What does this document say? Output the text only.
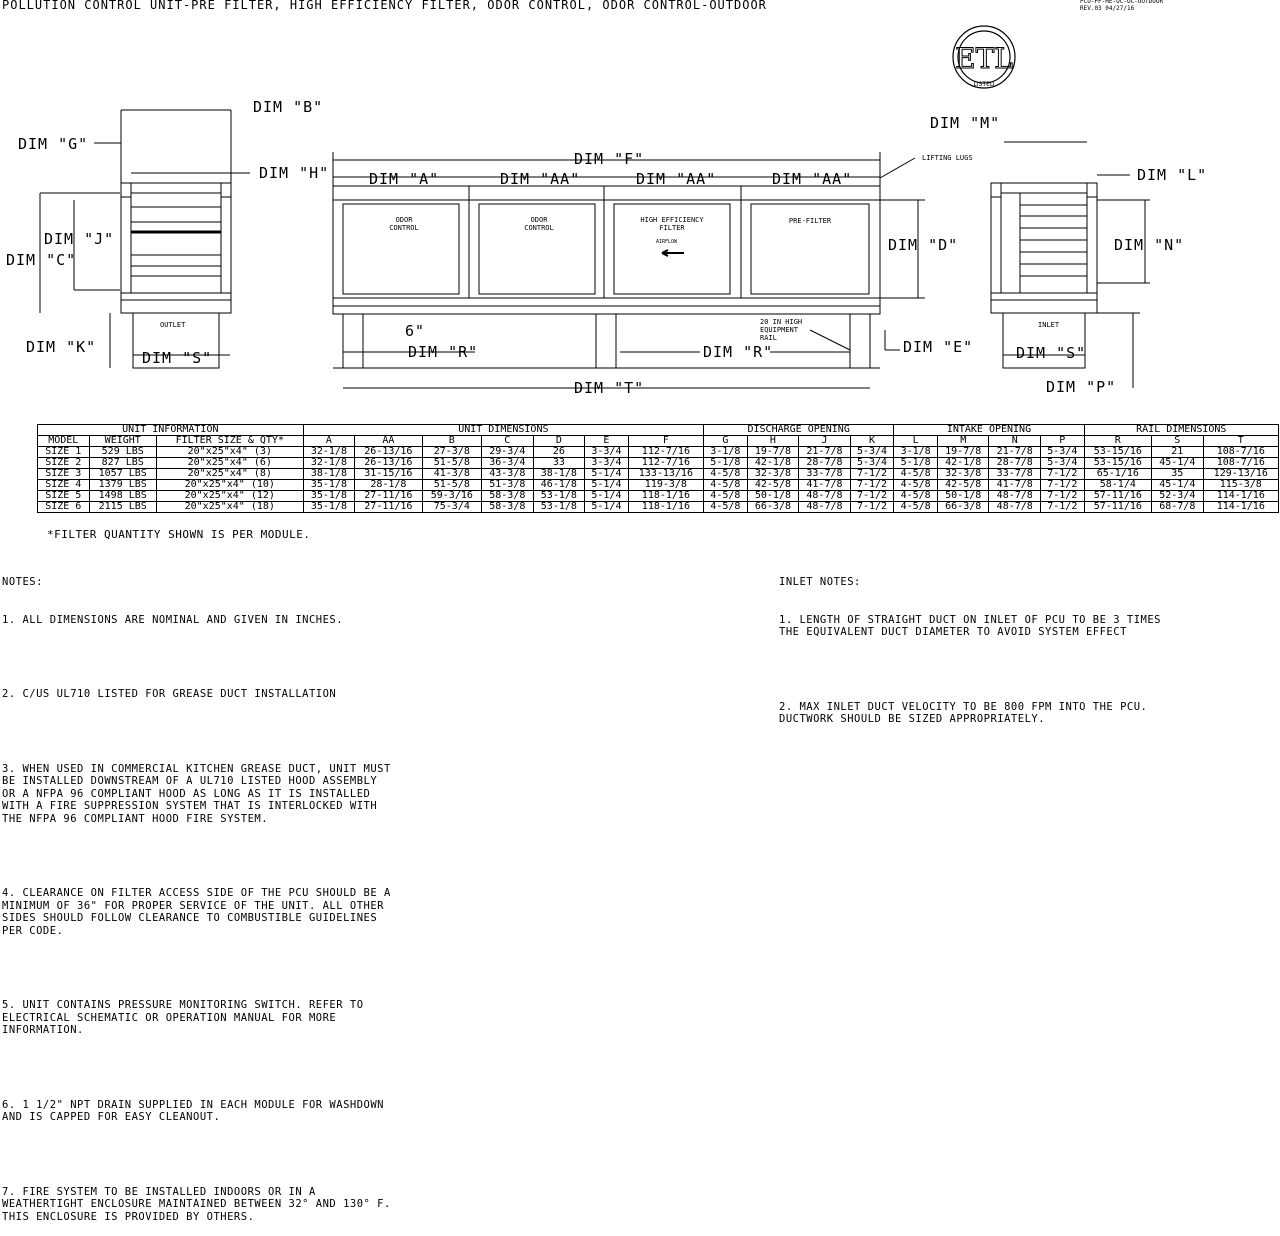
POLLUTION CONTROL UNIT-PRE FILTER, HIGH EFFICIENCY FILTER, ODOR CONTROL, ODOR CONTROL-OUTDOOR	PCU-PF-HE-OC-OC-OUTDOOR
REV.03 04/27/16
ETL
LISTED
DIM "B"
DIM "G"
DIM "H"
DIM "J"
DIM "C"
DIM "K"
DIM "S"
OUTLET
DIM "F"
DIM "A"	DIM "AA"	DIM "AA"	DIM "AA"
DIM "D"
DIM "R"	DIM "R"
DIM "T"
DIM "E"
6"
ODOR
CONTROL
ODOR
CONTROL
HIGH EFFICIENCY
FILTER
PRE-FILTER
AIRFLOW
LIFTING LUGS
20 IN HIGH
EQUIPMENT
RAIL
DIM "M"
DIM "L"
DIM "N"
DIM "S"
DIM "P"
INLET
UNIT INFORMATION			UNIT DIMENSIONS							DISCHARGE OPENING				INTAKE OPENING				RAIL DIMENSIONS		
MODEL	WEIGHT	FILTER SIZE & QTY*	A	AA	B	C	D	E	F	G	H	J	K	L	M	N	P	R	S	T
SIZE 1	529 LBS	20"x25"x4" (3)	32-1/8	26-13/16	27-3/8	29-3/4	26	3-3/4	112-7/16	3-1/8	19-7/8	21-7/8	5-3/4	3-1/8	19-7/8	21-7/8	5-3/4	53-15/16	21	108-7/16
SIZE 2	827 LBS	20"x25"x4" (6)	32-1/8	26-13/16	51-5/8	36-3/4	33	3-3/4	112-7/16	5-1/8	42-1/8	28-7/8	5-3/4	5-1/8	42-1/8	28-7/8	5-3/4	53-15/16	45-1/4	108-7/16
SIZE 3	1057 LBS	20"x25"x4" (8)	38-1/8	31-15/16	41-3/8	43-3/8	38-1/8	5-1/4	133-13/16	4-5/8	32-3/8	33-7/8	7-1/2	4-5/8	32-3/8	33-7/8	7-1/2	65-1/16	35	129-13/16
SIZE 4	1379 LBS	20"x25"x4" (10)	35-1/8	28-1/8	51-5/8	51-3/8	46-1/8	5-1/4	119-3/8	4-5/8	42-5/8	41-7/8	7-1/2	4-5/8	42-5/8	41-7/8	7-1/2	58-1/4	45-1/4	115-3/8
SIZE 5	1498 LBS	20"x25"x4" (12)	35-1/8	27-11/16	59-3/16	58-3/8	53-1/8	5-1/4	118-1/16	4-5/8	50-1/8	48-7/8	7-1/2	4-5/8	50-1/8	48-7/8	7-1/2	57-11/16	52-3/4	114-1/16
SIZE 6	2115 LBS	20"x25"x4" (18)	35-1/8	27-11/16	75-3/4	58-3/8	53-1/8	5-1/4	118-1/16	4-5/8	66-3/8	48-7/8	7-1/2	4-5/8	66-3/8	48-7/8	7-1/2	57-11/16	68-7/8	114-1/16
*FILTER QUANTITY SHOWN IS PER MODULE.

NOTES:

1. ALL DIMENSIONS ARE NOMINAL AND GIVEN IN INCHES.

2. C/US UL710 LISTED FOR GREASE DUCT INSTALLATION

3. WHEN USED IN COMMERCIAL KITCHEN GREASE DUCT, UNIT MUST
BE INSTALLED DOWNSTREAM OF A UL710 LISTED HOOD ASSEMBLY
OR A NFPA 96 COMPLIANT HOOD AS LONG AS IT IS INSTALLED
WITH A FIRE SUPPRESSION SYSTEM THAT IS INTERLOCKED WITH
THE NFPA 96 COMPLIANT HOOD FIRE SYSTEM.

4. CLEARANCE ON FILTER ACCESS SIDE OF THE PCU SHOULD BE A
MINIMUM OF 36" FOR PROPER SERVICE OF THE UNIT. ALL OTHER
SIDES SHOULD FOLLOW CLEARANCE TO COMBUSTIBLE GUIDELINES
PER CODE.

5. UNIT CONTAINS PRESSURE MONITORING SWITCH. REFER TO
ELECTRICAL SCHEMATIC OR OPERATION MANUAL FOR MORE
INFORMATION.

6. 1 1/2" NPT DRAIN SUPPLIED IN EACH MODULE FOR WASHDOWN
AND IS CAPPED FOR EASY CLEANOUT.

7. FIRE SYSTEM TO BE INSTALLED INDOORS OR IN A
WEATHERTIGHT ENCLOSURE MAINTAINED BETWEEN 32° AND 130° F.
THIS ENCLOSURE IS PROVIDED BY OTHERS.

INLET NOTES:

1. LENGTH OF STRAIGHT DUCT ON INLET OF PCU TO BE 3 TIMES
THE EQUIVALENT DUCT DIAMETER TO AVOID SYSTEM EFFECT

2. MAX INLET DUCT VELOCITY TO BE 800 FPM INTO THE PCU.
DUCTWORK SHOULD BE SIZED APPROPRIATELY.
